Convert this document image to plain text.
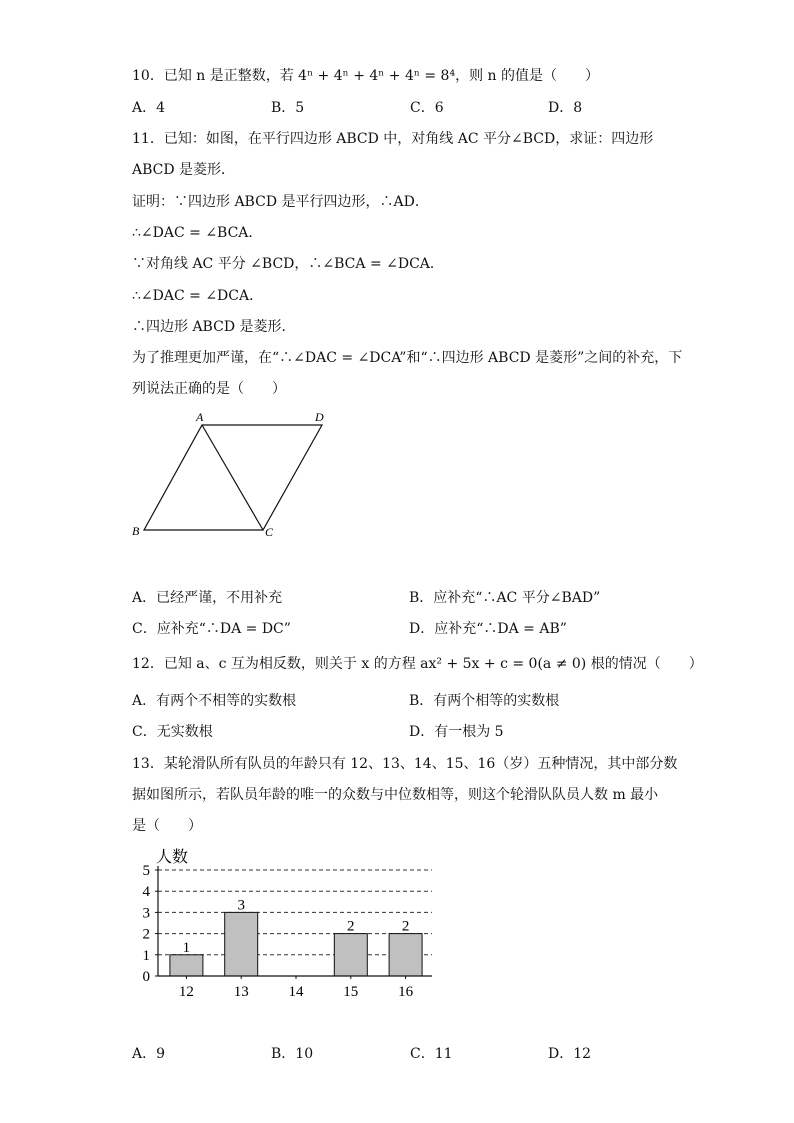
10．已知 n 是正整数，若 4ⁿ + 4ⁿ + 4ⁿ + 4ⁿ = 8⁴，则 n 的值是（　　）
A．4	B．5	C．6	D．8
11．已知：如图，在平行四边形 ABCD 中，对角线 AC 平分∠BCD，求证：四边形
ABCD 是菱形．
证明：∵四边形 ABCD 是平行四边形，∴AD．
∴∠DAC = ∠BCA．
∵对角线 AC 平分 ∠BCD，∴∠BCA = ∠DCA．
∴∠DAC = ∠DCA．
∴四边形 ABCD 是菱形．
为了推理更加严谨，在“∴∠DAC = ∠DCA”和“∴四边形 ABCD 是菱形”之间的补充，下
列说法正确的是（　　）
A	D
B	C
A．已经严谨，不用补充	B．应补充“∴AC 平分∠BAD”
C．应补充“∴DA = DC”	D．应补充“∴DA = AB”
12．已知 a、c 互为相反数，则关于 x 的方程 ax² + 5x + c = 0(a ≠ 0) 根的情况（　　）
A．有两个不相等的实数根	B．有两个相等的实数根
C．无实数根	D．有一根为 5
13．某轮滑队所有队员的年龄只有 12、13、14、15、16（岁）五种情况，其中部分数
据如图所示，若队员年龄的唯一的众数与中位数相等，则这个轮滑队队员人数 m 最小
是（　　）
人数
0
1
2
3
4
5
1
12
3
13	14
2
15
2
16
A．9	B．10	C．11	D．12
